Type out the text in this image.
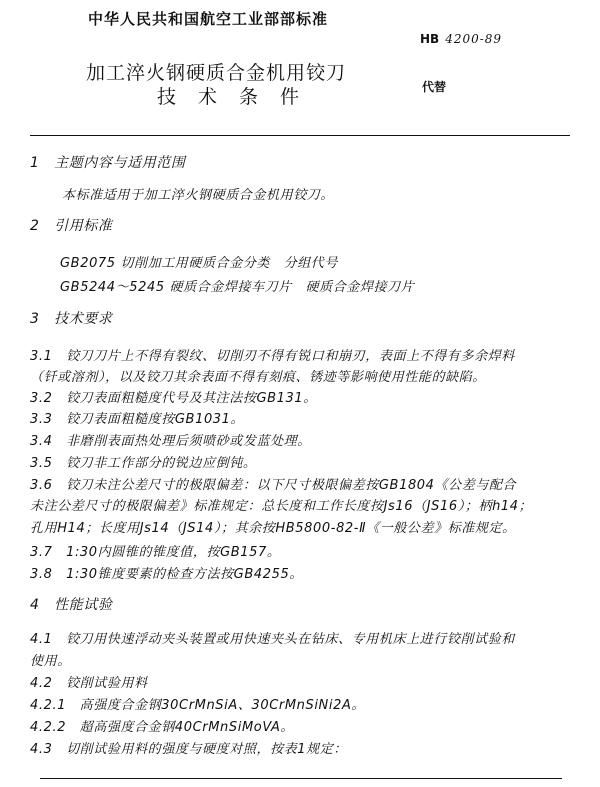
中华人民共和国航空工业部部标准
HB 4200-89
加工淬火钢硬质合金机用铰刀
技术条件	代替
1　主题内容与适用范围
本标准适用于加工淬火钢硬质合金机用铰刀。
2　引用标准
GB2075 切削加工用硬质合金分类　分组代号
GB5244～5245 硬质合金焊接车刀片　硬质合金焊接刀片
3　技术要求
3.1　铰刀刀片上不得有裂纹、切削刃不得有锐口和崩刃，表面上不得有多余焊料
（钎或溶剂），以及铰刀其余表面不得有刻痕、锈迹等影响使用性能的缺陷。
3.2　铰刀表面粗糙度代号及其注法按GB131。
3.3　铰刀表面粗糙度按GB1031。
3.4　非磨削表面热处理后须喷砂或发蓝处理。
3.5　铰刀非工作部分的锐边应倒钝。
3.6　铰刀未注公差尺寸的极限偏差：以下尺寸极限偏差按GB1804《公差与配合
未注公差尺寸的极限偏差》标准规定：总长度和工作长度按Js16（JS16）；柄h14；
孔用H14；长度用Js14（JS14）；其余按HB5800-82-Ⅱ《一般公差》标准规定。
3.7　1:30内圆锥的锥度值，按GB157。
3.8　1:30锥度要素的检查方法按GB4255。
4　性能试验
4.1　铰刀用快速浮动夹头装置或用快速夹头在钻床、专用机床上进行铰削试验和
使用。
4.2　铰削试验用料
4.2.1　高强度合金钢30CrMnSiA、30CrMnSiNi2A。
4.2.2　超高强度合金钢40CrMnSiMoVA。
4.3　切削试验用料的强度与硬度对照，按表1规定：
